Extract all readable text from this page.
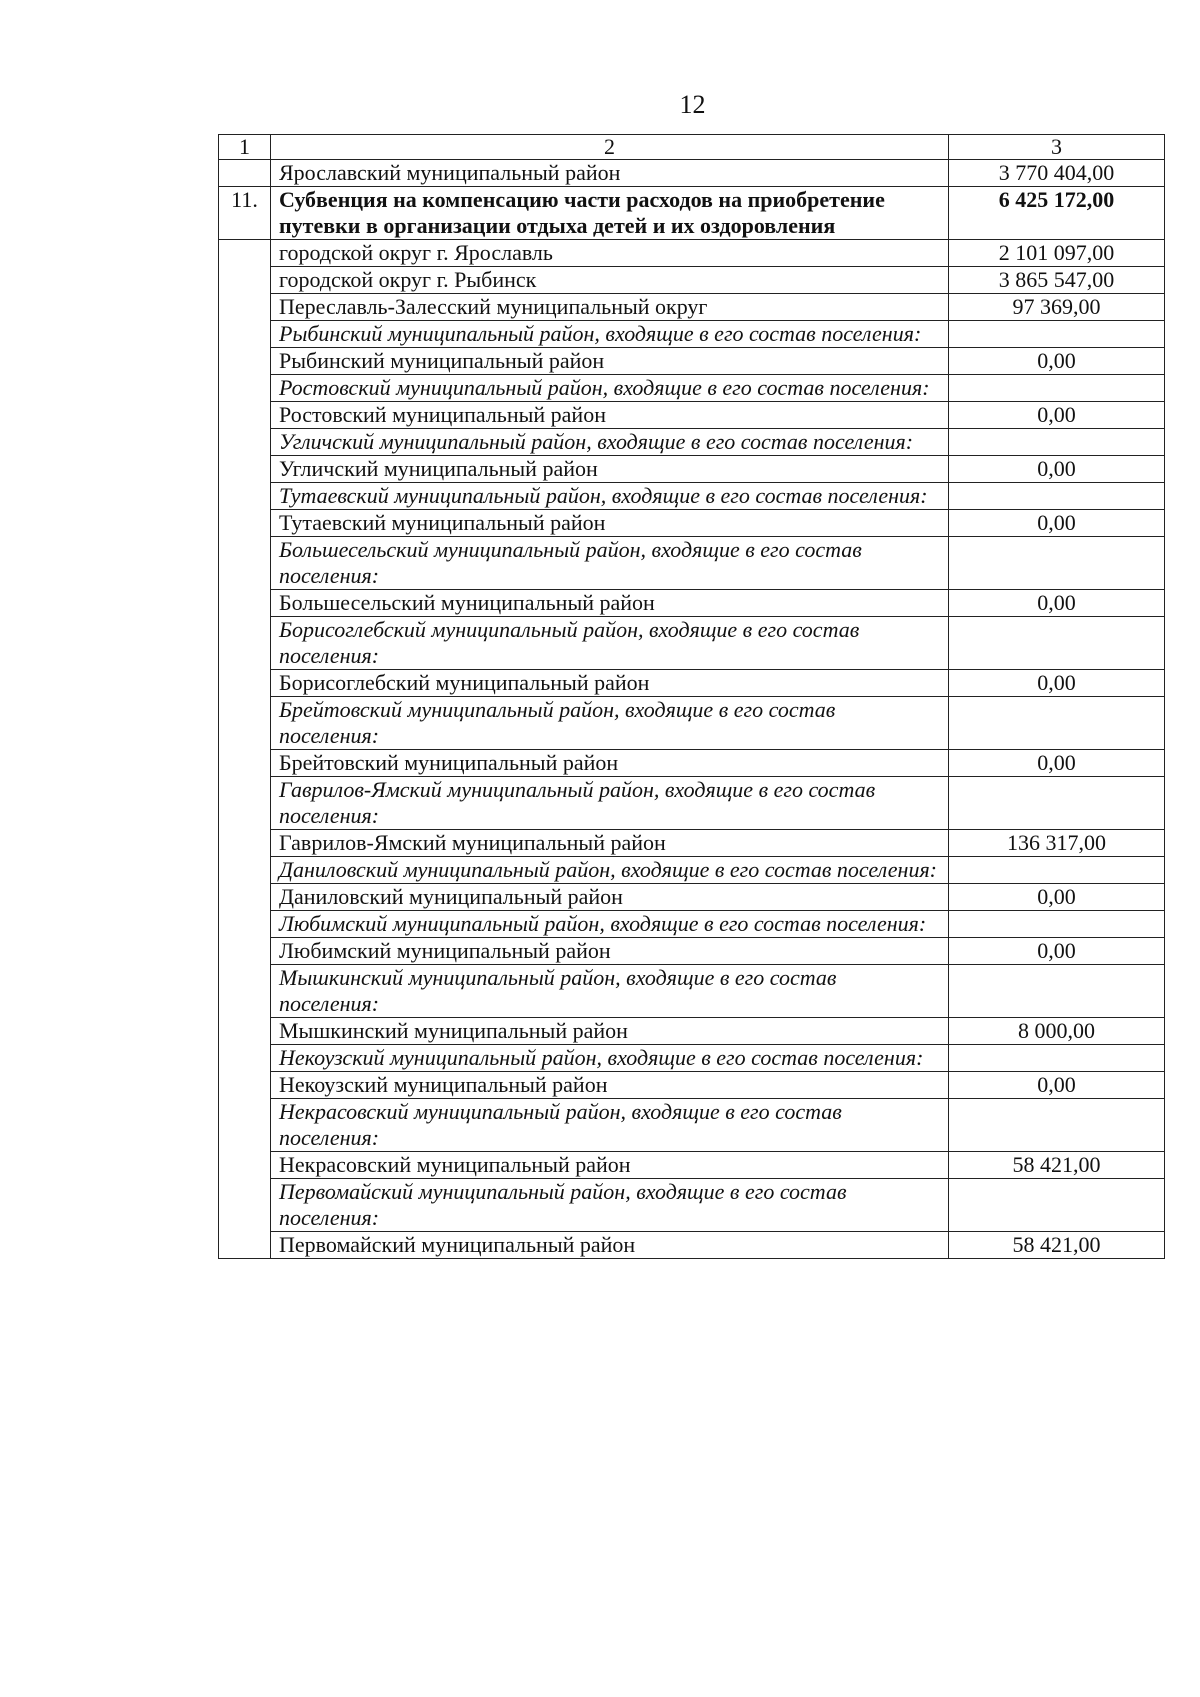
12
1	2	3
	Ярославский муниципальный район	3 770 404,00
11.	Субвенция на компенсацию части расходов на приобретение путевки в организации отдыха детей и их оздоровления	6 425 172,00
	городской округ г. Ярославль	2 101 097,00
	городской округ г. Рыбинск	3 865 547,00
	Переславль-Залесский муниципальный округ	97 369,00
	Рыбинский муниципальный район, входящие в его состав поселения:	
	Рыбинский муниципальный район	0,00
	Ростовский муниципальный район, входящие в его состав поселения:	
	Ростовский муниципальный район	0,00
	Угличский муниципальный район, входящие в его состав поселения:	
	Угличский муниципальный район	0,00
	Тутаевский муниципальный район, входящие в его состав поселения:	
	Тутаевский муниципальный район	0,00
	Большесельский муниципальный район, входящие в его состав поселения:	
	Большесельский муниципальный район	0,00
	Борисоглебский муниципальный район, входящие в его состав поселения:	
	Борисоглебский муниципальный район	0,00
	Брейтовский муниципальный район, входящие в его состав поселения:	
	Брейтовский муниципальный район	0,00
	Гаврилов-Ямский муниципальный район, входящие в его состав поселения:	
	Гаврилов-Ямский муниципальный район	136 317,00
	Даниловский муниципальный район, входящие в его состав поселения:	
	Даниловский муниципальный район	0,00
	Любимский муниципальный район, входящие в его состав поселения:	
	Любимский муниципальный район	0,00
	Мышкинский муниципальный район, входящие в его состав поселения:	
	Мышкинский муниципальный район	8 000,00
	Некоузский муниципальный район, входящие в его состав поселения:	
	Некоузский муниципальный район	0,00
	Некрасовский муниципальный район, входящие в его состав поселения:	
	Некрасовский муниципальный район	58 421,00
	Первомайский муниципальный район, входящие в его состав поселения:	
	Первомайский муниципальный район	58 421,00
